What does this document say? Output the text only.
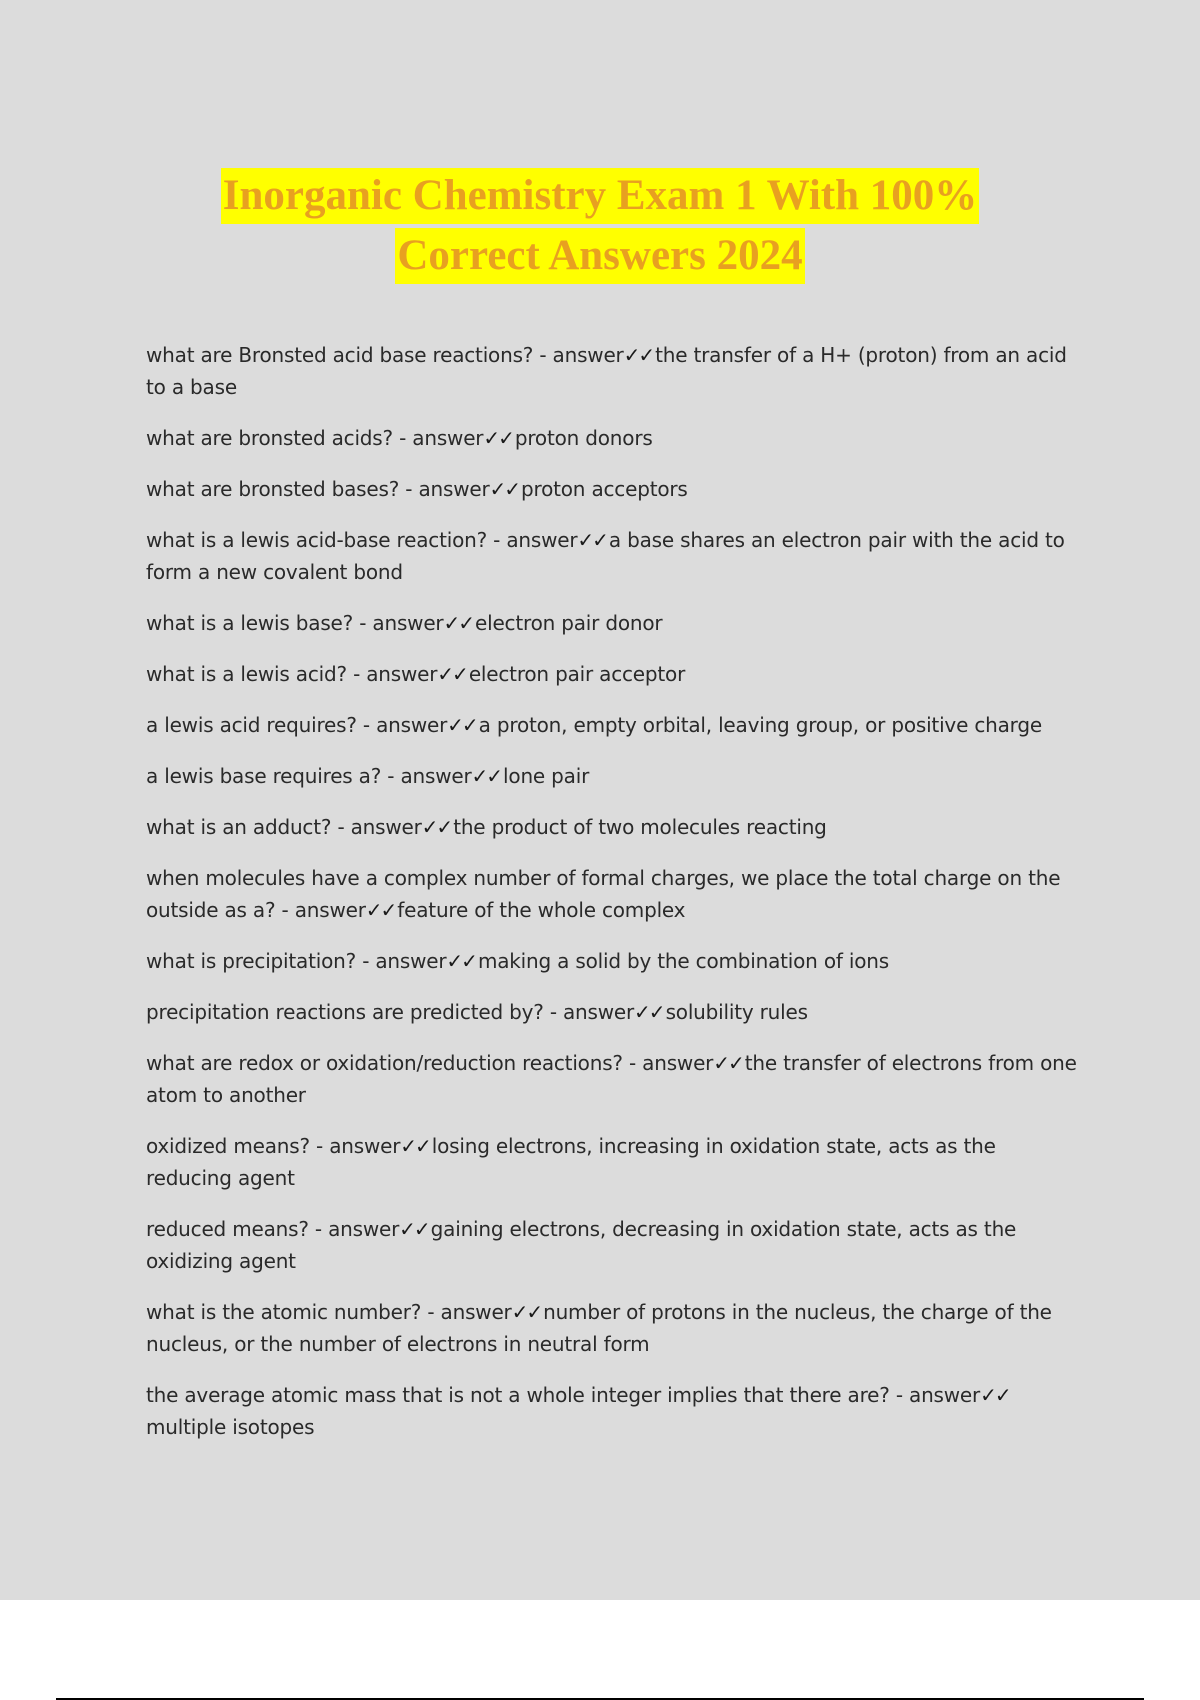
Inorganic Chemistry Exam 1 With 100%
Correct Answers 2024
what are Bronsted acid base reactions? - answer✓✓ the transfer of a H+ (proton) from an acid to a base
what are bronsted acids? - answer✓✓ proton donors
what are bronsted bases? - answer✓✓ proton acceptors
what is a lewis acid-base reaction? - answer✓✓ a base shares an electron pair with the acid to form a new covalent bond
what is a lewis base? - answer✓✓ electron pair donor
what is a lewis acid? - answer✓✓ electron pair acceptor
a lewis acid requires? - answer✓✓ a proton, empty orbital, leaving group, or positive charge
a lewis base requires a? - answer✓✓ lone pair
what is an adduct? - answer✓✓ the product of two molecules reacting
when molecules have a complex number of formal charges, we place the total charge on the outside as a? - answer✓✓ feature of the whole complex
what is precipitation? - answer✓✓ making a solid by the combination of ions
precipitation reactions are predicted by? - answer✓✓ solubility rules
what are redox or oxidation/reduction reactions? - answer✓✓ the transfer of electrons from one atom to another
oxidized means? - answer✓✓ losing electrons, increasing in oxidation state, acts as the reducing agent
reduced means? - answer✓✓ gaining electrons, decreasing in oxidation state, acts as the oxidizing agent
what is the atomic number? - answer✓✓ number of protons in the nucleus, the charge of the nucleus, or the number of electrons in neutral form
the average atomic mass that is not a whole integer implies that there are? - answer✓✓multiple isotopes
